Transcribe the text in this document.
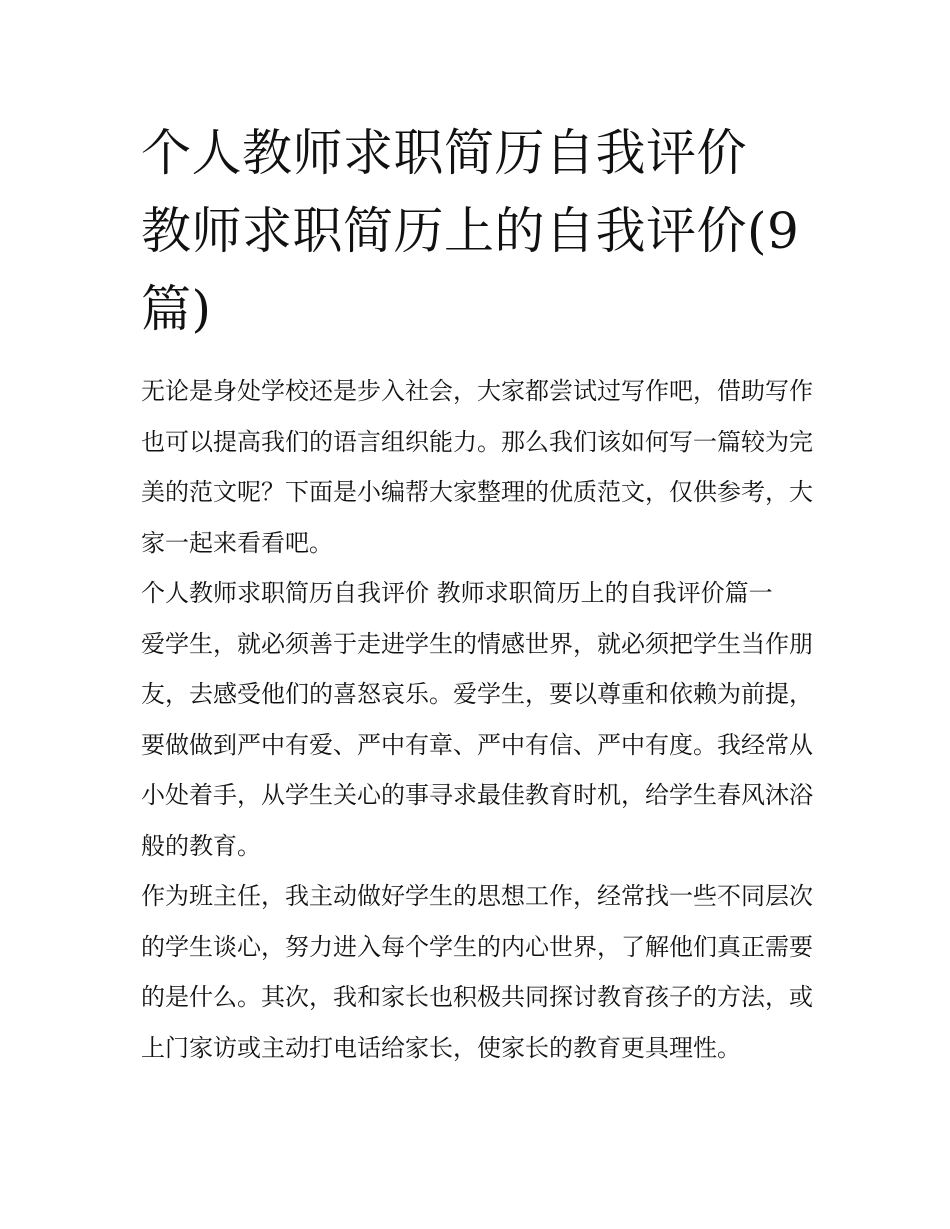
个人教师求职简历自我评价 教师求职简历上的自我评价(9篇)

无论是身处学校还是步入社会，大家都尝试过写作吧，借助写作也可以提高我们的语言组织能力。那么我们该如何写一篇较为完美的范文呢？下面是小编帮大家整理的优质范文，仅供参考，大家一起来看看吧。

个人教师求职简历自我评价 教师求职简历上的自我评价篇一

爱学生，就必须善于走进学生的情感世界，就必须把学生当作朋友，去感受他们的喜怒哀乐。爱学生，要以尊重和依赖为前提，要做做到严中有爱、严中有章、严中有信、严中有度。我经常从小处着手，从学生关心的事寻求最佳教育时机，给学生春风沐浴般的教育。

作为班主任，我主动做好学生的思想工作，经常找一些不同层次的学生谈心，努力进入每个学生的内心世界，了解他们真正需要的是什么。其次，我和家长也积极共同探讨教育孩子的方法，或上门家访或主动打电话给家长，使家长的教育更具理性。
